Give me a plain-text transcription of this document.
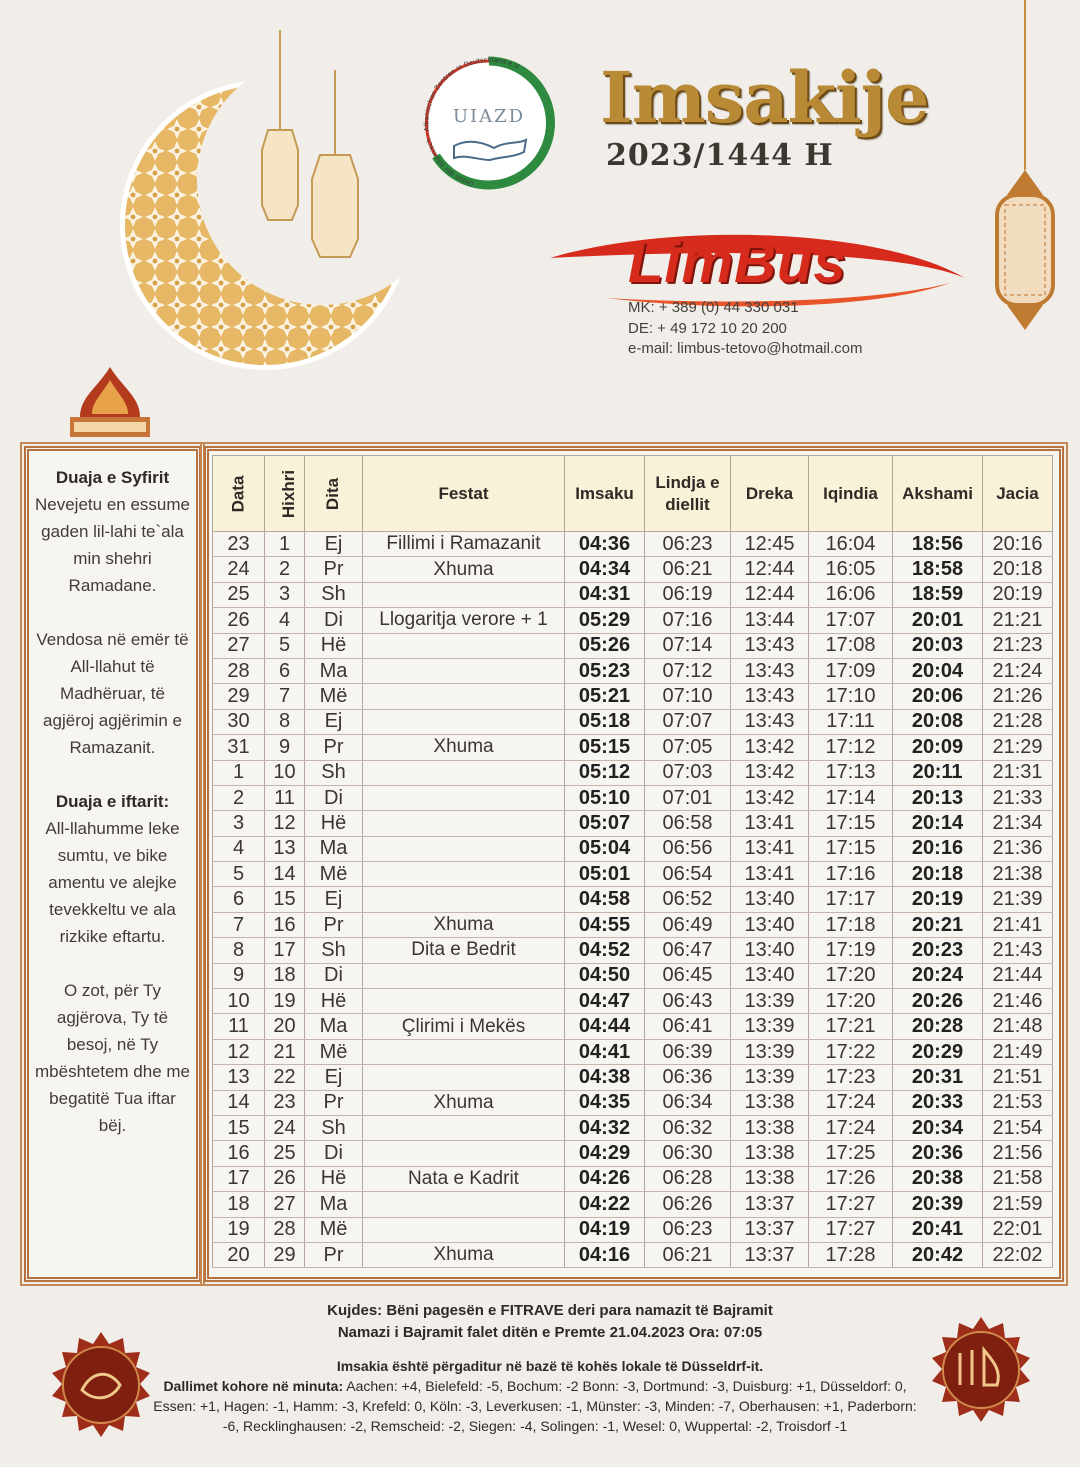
UIAZD
Union der Islamisch - Albanischen Zentren in Deutschland e.V. Imsakije
2023/1444 H
LimBus
MK: + 389 (0) 44 330 031
DE: + 49 172 10 20 200
e-mail: limbus-tetovo@hotmail.com
Duaja e Syfirit
Nevejetu en essume gaden lil-lahi te`ala min shehri Ramadane.
Vendosa në emër të All-llahut të Madhëruar, të agjëroj agjërimin e Ramazanit.
Duaja e iftarit:
All-llahumme leke sumtu, ve bike amentu ve alejke tevekkeltu ve ala rizkike eftartu.
O zot, për Ty agjërova, Ty të besoj, në Ty mbështetem dhe me begatitë Tua iftar bëj.
Data	Hixhri	Dita	Festat	Imsaku	Lindja e diellit	Dreka	Iqindia	Akshami	Jacia
23	1	Ej	Fillimi i Ramazanit	04:36	06:23	12:45	16:04	18:56	20:16
24	2	Pr	Xhuma	04:34	06:21	12:44	16:05	18:58	20:18
25	3	Sh		04:31	06:19	12:44	16:06	18:59	20:19
26	4	Di	Llogaritja verore + 1	05:29	07:16	13:44	17:07	20:01	21:21
27	5	Hë		05:26	07:14	13:43	17:08	20:03	21:23
28	6	Ma		05:23	07:12	13:43	17:09	20:04	21:24
29	7	Më		05:21	07:10	13:43	17:10	20:06	21:26
30	8	Ej		05:18	07:07	13:43	17:11	20:08	21:28
31	9	Pr	Xhuma	05:15	07:05	13:42	17:12	20:09	21:29
1	10	Sh		05:12	07:03	13:42	17:13	20:11	21:31
2	11	Di		05:10	07:01	13:42	17:14	20:13	21:33
3	12	Hë		05:07	06:58	13:41	17:15	20:14	21:34
4	13	Ma		05:04	06:56	13:41	17:15	20:16	21:36
5	14	Më		05:01	06:54	13:41	17:16	20:18	21:38
6	15	Ej		04:58	06:52	13:40	17:17	20:19	21:39
7	16	Pr	Xhuma	04:55	06:49	13:40	17:18	20:21	21:41
8	17	Sh	Dita e Bedrit	04:52	06:47	13:40	17:19	20:23	21:43
9	18	Di		04:50	06:45	13:40	17:20	20:24	21:44
10	19	Hë		04:47	06:43	13:39	17:20	20:26	21:46
11	20	Ma	Çlirimi i Mekës	04:44	06:41	13:39	17:21	20:28	21:48
12	21	Më		04:41	06:39	13:39	17:22	20:29	21:49
13	22	Ej		04:38	06:36	13:39	17:23	20:31	21:51
14	23	Pr	Xhuma	04:35	06:34	13:38	17:24	20:33	21:53
15	24	Sh		04:32	06:32	13:38	17:24	20:34	21:54
16	25	Di		04:29	06:30	13:38	17:25	20:36	21:56
17	26	Hë	Nata e Kadrit	04:26	06:28	13:38	17:26	20:38	21:58
18	27	Ma		04:22	06:26	13:37	17:27	20:39	21:59
19	28	Më		04:19	06:23	13:37	17:27	20:41	22:01
20	29	Pr	Xhuma	04:16	06:21	13:37	17:28	20:42	22:02
Kujdes: Bëni pagesën e FITRAVE deri para namazit të Bajramit
Namazi i Bajramit falet ditën e Premte 21.04.2023 Ora: 07:05
Imsakia është përgaditur në bazë të kohës lokale të Düsseldrf-it.
Dallimet kohore në minuta: Aachen: +4, Bielefeld: -5, Bochum: -2 Bonn: -3, Dortmund: -3, Duisburg: +1, Düsseldorf: 0, Essen: +1, Hagen: -1, Hamm: -3, Krefeld: 0, Köln: -3, Leverkusen: -1, Münster: -3, Minden: -7, Oberhausen: +1, Paderborn: -6, Recklinghausen: -2, Remscheid: -2, Siegen: -4, Solingen: -1, Wesel: 0, Wuppertal: -2, Troisdorf -1
